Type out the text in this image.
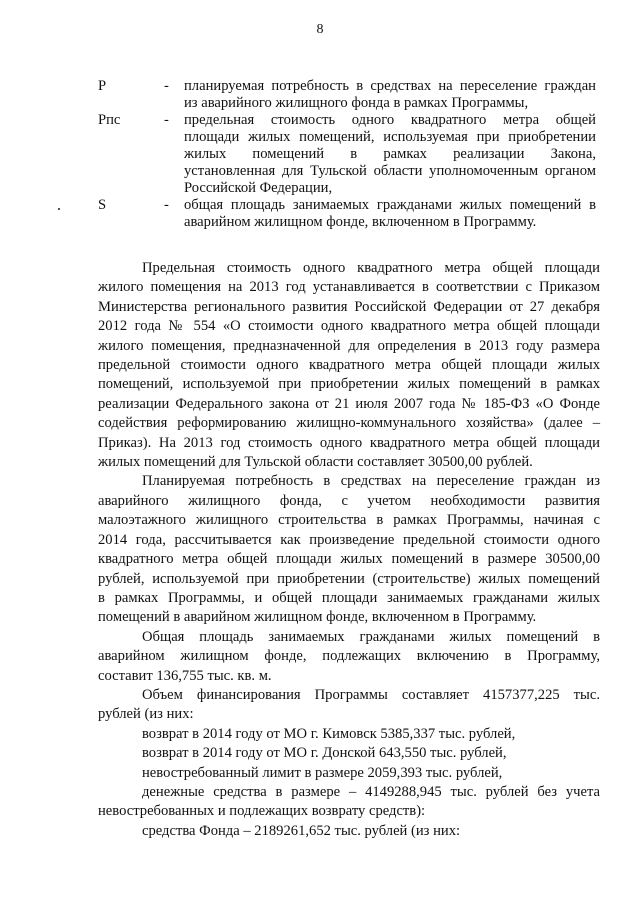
8
Р	-	планируемая потребность в средствах на переселение граждан
из аварийного жилищного фонда в рамках Программы,
Рпс	-	предельная стоимость одного квадратного метра общей
площади жилых помещений, используемая при приобретении
жилых помещений в рамках реализации Закона,
установленная для Тульской области уполномоченным органом
Российской Федерации,
S	-	общая площадь занимаемых гражданами жилых помещений в
аварийном жилищном фонде, включенном в Программу.

Предельная стоимость одного квадратного метра общей площади
жилого помещения на 2013 год устанавливается в соответствии с Приказом
Министерства регионального развития Российской Федерации от 27 декабря
2012 года № 554 «О стоимости одного квадратного метра общей площади
жилого помещения, предназначенной для определения в 2013 году размера
предельной стоимости одного квадратного метра общей площади жилых
помещений, используемой при приобретении жилых помещений в рамках
реализации Федерального закона от 21 июля 2007 года № 185-ФЗ «О Фонде
содействия реформированию жилищно-коммунального хозяйства» (далее –
Приказ). На 2013 год стоимость одного квадратного метра общей площади
жилых помещений для Тульской области составляет 30500,00 рублей.

Планируемая потребность в средствах на переселение граждан из
аварийного жилищного фонда, с учетом необходимости развития
малоэтажного жилищного строительства в рамках Программы, начиная с
2014 года, рассчитывается как произведение предельной стоимости одного
квадратного метра общей площади жилых помещений в размере 30500,00
рублей, используемой при приобретении (строительстве) жилых помещений
в рамках Программы, и общей площади занимаемых гражданами жилых
помещений в аварийном жилищном фонде, включенном в Программу.

Общая площадь занимаемых гражданами жилых помещений в
аварийном жилищном фонде, подлежащих включению в Программу,
составит 136,755 тыс. кв. м.

Объем финансирования Программы составляет 4157377,225 тыс.
рублей (из них:

возврат в 2014 году от МО г. Кимовск 5385,337 тыс. рублей,
возврат в 2014 году от МО г. Донской 643,550 тыс. рублей,
невостребованный лимит в размере 2059,393 тыс. рублей,

денежные средства в размере – 4149288,945 тыс. рублей без учета
невостребованных и подлежащих возврату средств):

средства Фонда – 2189261,652 тыс. рублей (из них:
